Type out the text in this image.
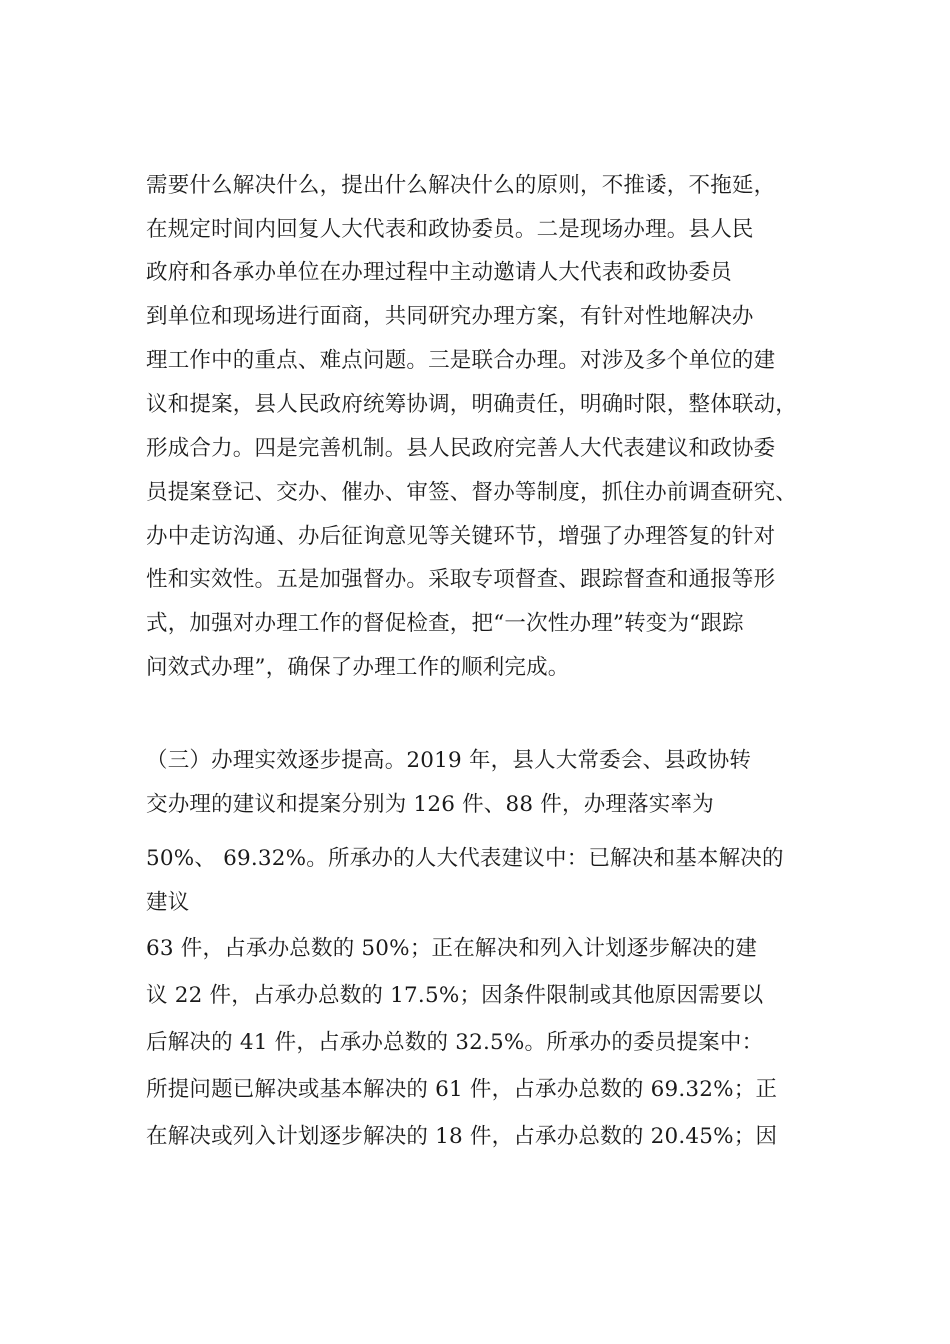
需要什么解决什么，提出什么解决什么的原则，不推诿，不拖延，
在规定时间内回复人大代表和政协委员。二是现场办理。县人民
政府和各承办单位在办理过程中主动邀请人大代表和政协委员
到单位和现场进行面商，共同研究办理方案，有针对性地解决办
理工作中的重点、难点问题。三是联合办理。对涉及多个单位的建
议和提案，县人民政府统筹协调，明确责任，明确时限，整体联动，
形成合力。四是完善机制。县人民政府完善人大代表建议和政协委
员提案登记、交办、催办、审签、督办等制度，抓住办前调查研究、
办中走访沟通、办后征询意见等关键环节，增强了办理答复的针对
性和实效性。五是加强督办。采取专项督查、跟踪督查和通报等形
式，加强对办理工作的督促检查，把“一次性办理”转变为“跟踪
问效式办理”，确保了办理工作的顺利完成。
（三）办理实效逐步提高。2019 年，县人大常委会、县政协转
交办理的建议和提案分别为 126 件、88 件，办理落实率为
50%、 69.32%。所承办的人大代表建议中：已解决和基本解决的
建议
63 件，占承办总数的 50%；正在解决和列入计划逐步解决的建
议 22 件，占承办总数的 17.5%；因条件限制或其他原因需要以
后解决的 41 件，占承办总数的 32.5%。所承办的委员提案中：
所提问题已解决或基本解决的 61 件，占承办总数的 69.32%；正
在解决或列入计划逐步解决的 18 件，占承办总数的 20.45%；因
